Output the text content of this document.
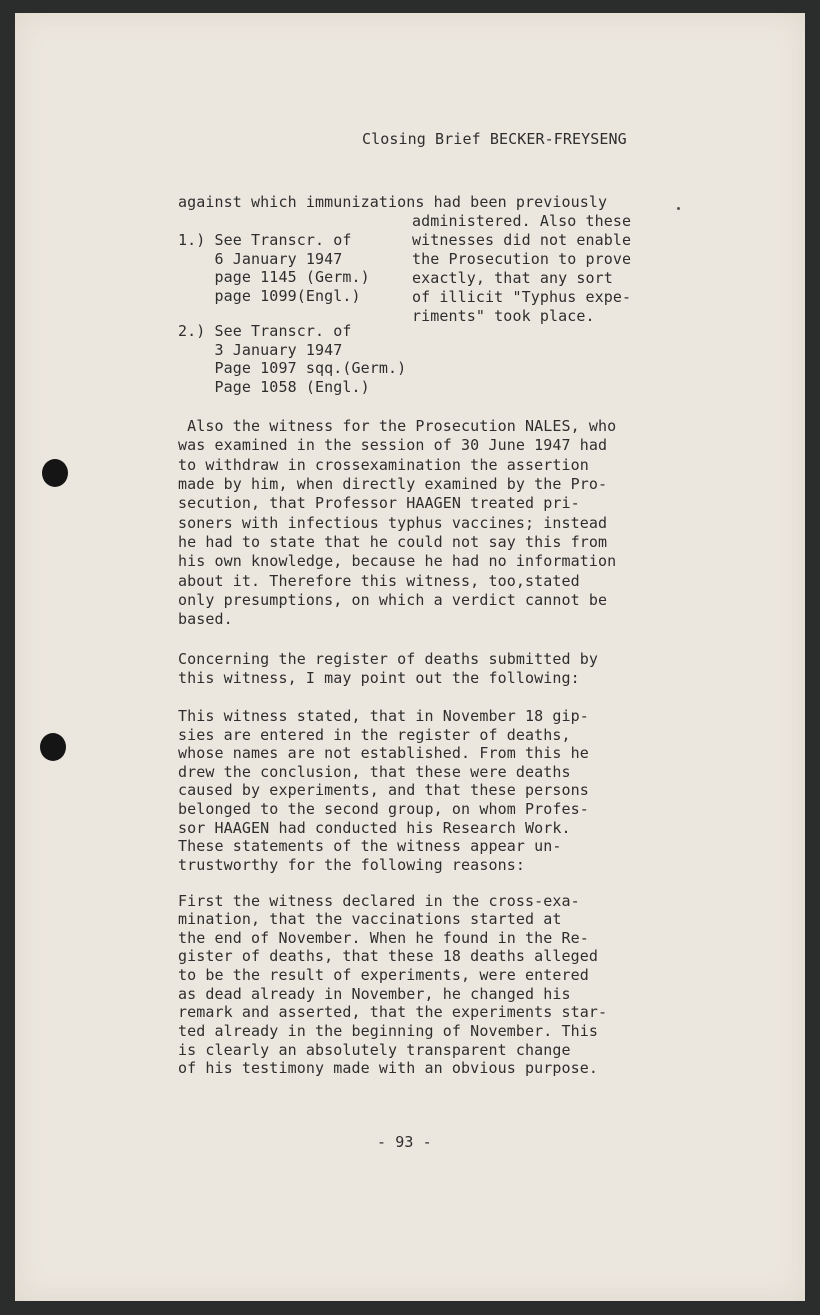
Closing Brief BECKER-FREYSENG
against which immunizations had been previously
administered. Also these
witnesses did not enable
the Prosecution to prove
exactly, that any sort
of illicit "Typhus expe-
riments" took place.
1.) See Transcr. of
6 January 1947
page 1145 (Germ.)
page 1099(Engl.)
2.) See Transcr. of
3 January 1947
Page 1097 sqq.(Germ.)
Page 1058 (Engl.)
Also the witness for the Prosecution NALES, who
was examined in the session of 30 June 1947 had
to withdraw in crossexamination the assertion
made by him, when directly examined by the Pro-
secution, that Professor HAAGEN treated pri-
soners with infectious typhus vaccines; instead
he had to state that he could not say this from
his own knowledge, because he had no information
about it. Therefore this witness, too,stated
only presumptions, on which a verdict cannot be
based.
Concerning the register of deaths submitted by
this witness, I may point out the following:
This witness stated, that in November 18 gip-
sies are entered in the register of deaths,
whose names are not established. From this he
drew the conclusion, that these were deaths
caused by experiments, and that these persons
belonged to the second group, on whom Profes-
sor HAAGEN had conducted his Research Work.
These statements of the witness appear un-
trustworthy for the following reasons:
First the witness declared in the cross-exa-
mination, that the vaccinations started at
the end of November. When he found in the Re-
gister of deaths, that these 18 deaths alleged
to be the result of experiments, were entered
as dead already in November, he changed his
remark and asserted, that the experiments star-
ted already in the beginning of November. This
is clearly an absolutely transparent change
of his testimony made with an obvious purpose.
- 93 -
